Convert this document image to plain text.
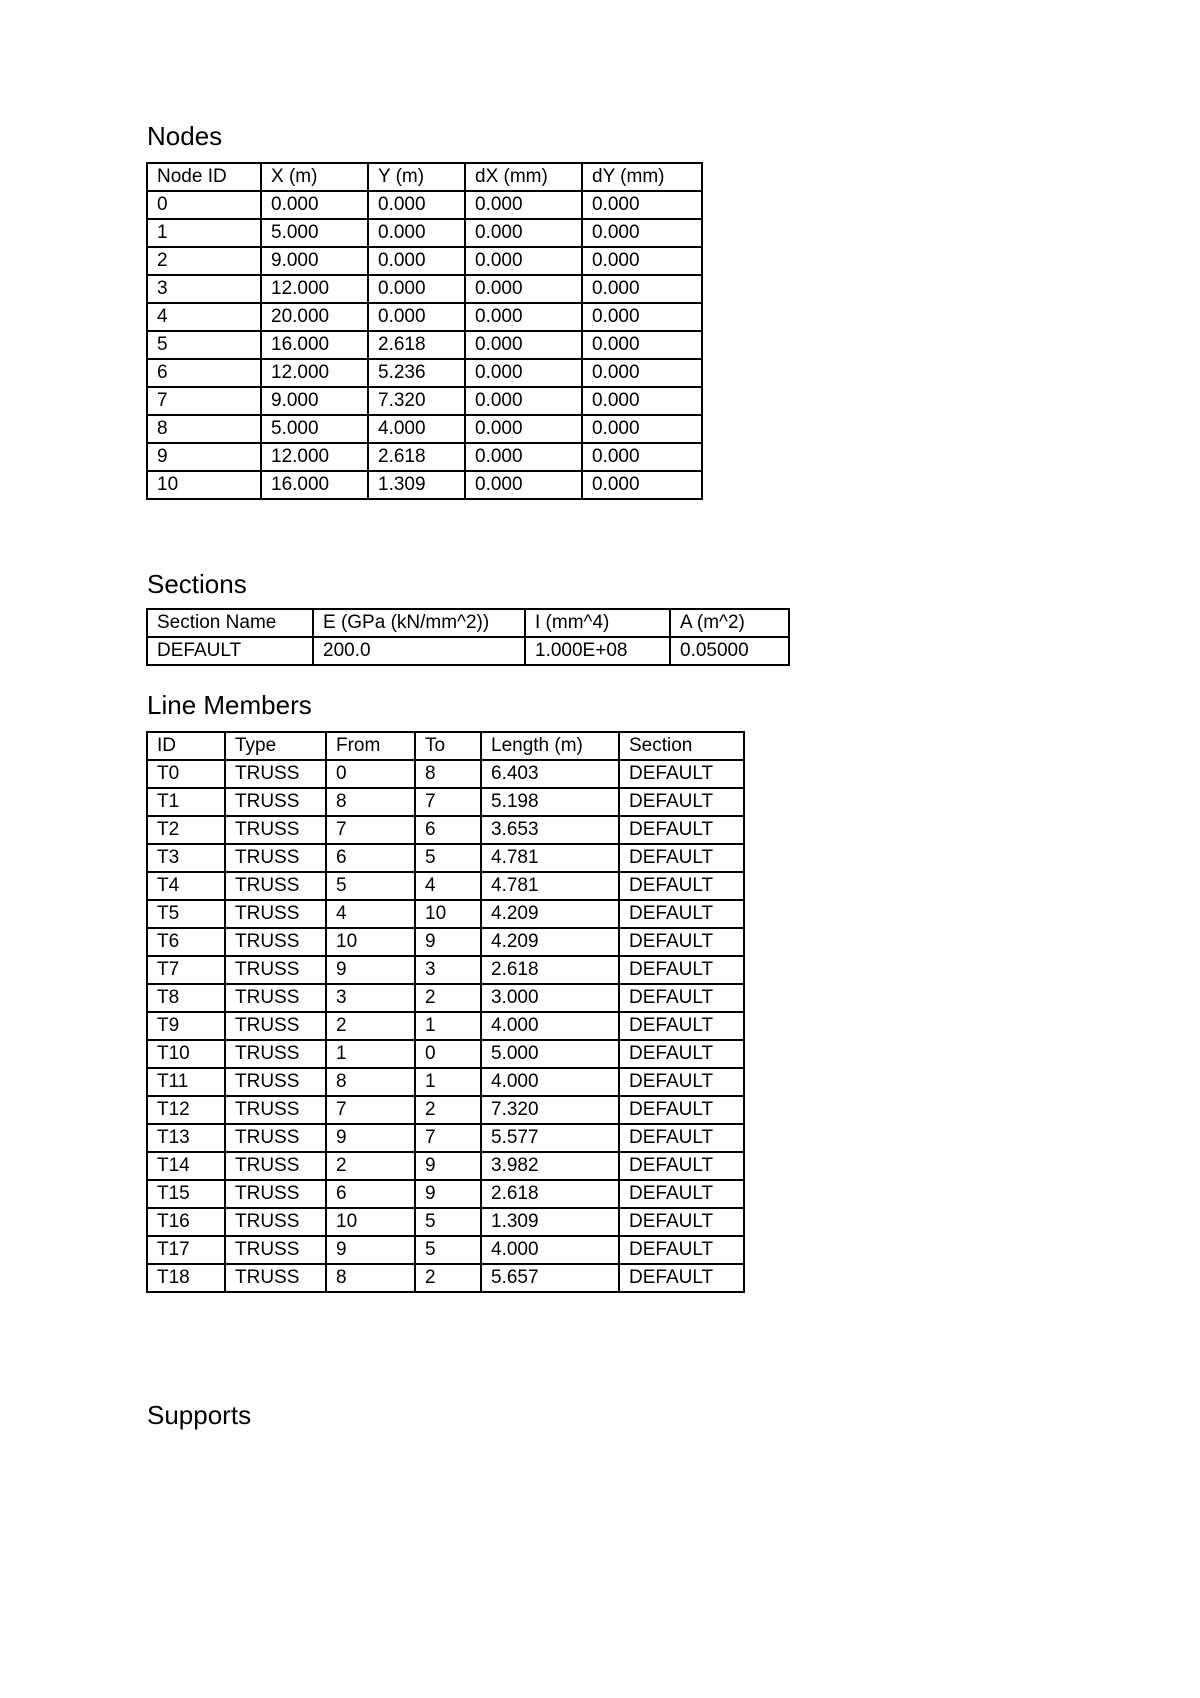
Nodes
Node ID	X (m)	Y (m)	dX (mm)	dY (mm)
0	0.000	0.000	0.000	0.000
1	5.000	0.000	0.000	0.000
2	9.000	0.000	0.000	0.000
3	12.000	0.000	0.000	0.000
4	20.000	0.000	0.000	0.000
5	16.000	2.618	0.000	0.000
6	12.000	5.236	0.000	0.000
7	9.000	7.320	0.000	0.000
8	5.000	4.000	0.000	0.000
9	12.000	2.618	0.000	0.000
10	16.000	1.309	0.000	0.000
Sections
Section Name	E (GPa (kN/mm^2))	I (mm^4)	A (m^2)
DEFAULT	200.0	1.000E+08	0.05000
Line Members
ID	Type	From	To	Length (m)	Section
T0	TRUSS	0	8	6.403	DEFAULT
T1	TRUSS	8	7	5.198	DEFAULT
T2	TRUSS	7	6	3.653	DEFAULT
T3	TRUSS	6	5	4.781	DEFAULT
T4	TRUSS	5	4	4.781	DEFAULT
T5	TRUSS	4	10	4.209	DEFAULT
T6	TRUSS	10	9	4.209	DEFAULT
T7	TRUSS	9	3	2.618	DEFAULT
T8	TRUSS	3	2	3.000	DEFAULT
T9	TRUSS	2	1	4.000	DEFAULT
T10	TRUSS	1	0	5.000	DEFAULT
T11	TRUSS	8	1	4.000	DEFAULT
T12	TRUSS	7	2	7.320	DEFAULT
T13	TRUSS	9	7	5.577	DEFAULT
T14	TRUSS	2	9	3.982	DEFAULT
T15	TRUSS	6	9	2.618	DEFAULT
T16	TRUSS	10	5	1.309	DEFAULT
T17	TRUSS	9	5	4.000	DEFAULT
T18	TRUSS	8	2	5.657	DEFAULT
Supports
